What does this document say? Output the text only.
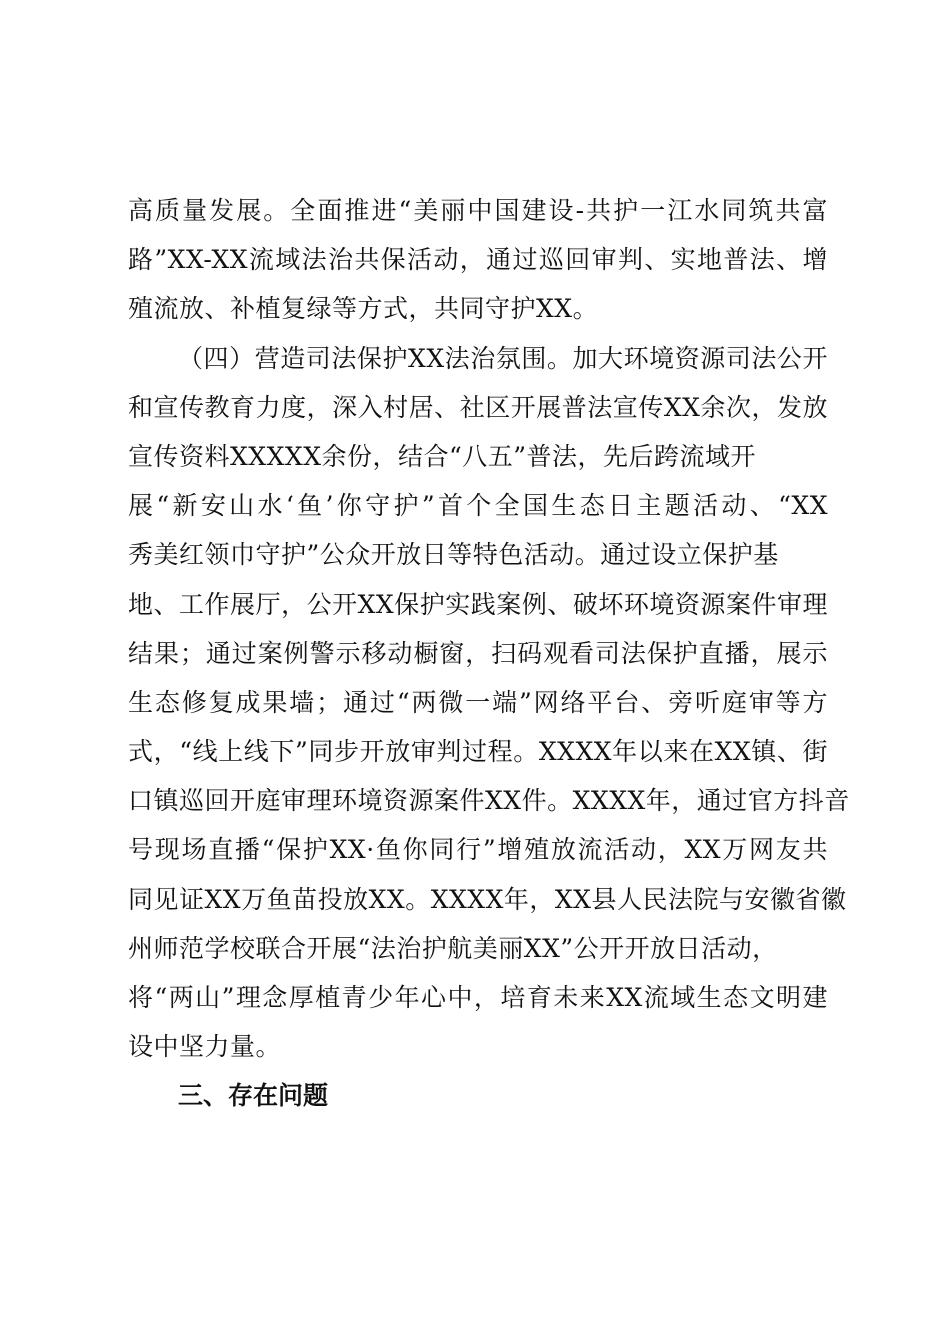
高质量发展。全面推进“美丽中国建设-共护一江水同筑共富
路”XX-XX流域法治共保活动，通过巡回审判、实地普法、增
殖流放、补植复绿等方式，共同守护XX。
（四）营造司法保护XX法治氛围。加大环境资源司法公开
和宣传教育力度，深入村居、社区开展普法宣传XX余次，发放
宣传资料XXXXX余份，结合“八五”普法，先后跨流域开
展“新安山水‘鱼’你守护”首个全国生态日主题活动、“XX
秀美红领巾守护”公众开放日等特色活动。通过设立保护基
地、工作展厅，公开XX保护实践案例、破坏环境资源案件审理
结果；通过案例警示移动橱窗，扫码观看司法保护直播，展示
生态修复成果墙；通过“两微一端”网络平台、旁听庭审等方
式，“线上线下”同步开放审判过程。XXXX年以来在XX镇、街
口镇巡回开庭审理环境资源案件XX件。XXXX年，通过官方抖音
号现场直播“保护XX·鱼你同行”增殖放流活动，XX万网友共
同见证XX万鱼苗投放XX。XXXX年，XX县人民法院与安徽省徽
州师范学校联合开展“法治护航美丽XX”公开开放日活动，
将“两山”理念厚植青少年心中，培育未来XX流域生态文明建
设中坚力量。
三、存在问题
